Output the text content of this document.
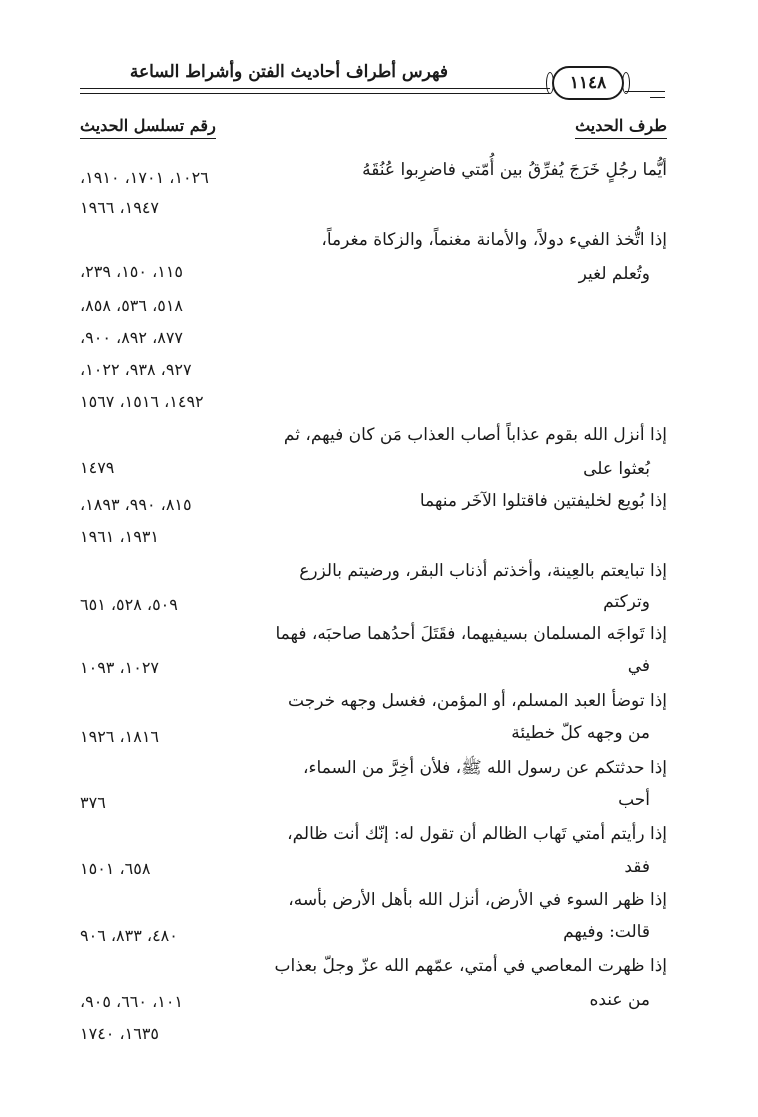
فهرس أطراف أحاديث الفتن وأشراط الساعة
١١٤٨
طرف الحديث
رقم تسلسل الحديث
أيُّما رجُلٍ خَرَجَ يُفرِّقُ بين أُمّتي فاضرِبوا عُنُقَهُ
١٠٢٦، ١٧٠١، ١٩١٠،
١٩٤٧، ١٩٦٦
إذا اتُّخذ الفيء دولاً، والأمانة مغنماً، والزكاة مغرماً،
وتُعلم لغير
١١٥، ١٥٠، ٢٣٩،
٥١٨، ٥٣٦، ٨٥٨،
٨٧٧، ٨٩٢، ٩٠٠،
٩٢٧، ٩٣٨، ١٠٢٢،
١٤٩٢، ١٥١٦، ١٥٦٧
إذا أنزل الله بقوم عذاباً أصاب العذاب مَن كان فيهم، ثم
بُعثوا على
١٤٧٩
إذا بُويع لخليفتين فاقتلوا الآخَر منهما
٨١٥، ٩٩٠، ١٨٩٣،
١٩٣١، ١٩٦١
إذا تبايعتم بالعِينة، وأخذتم أذناب البقر، ورضيتم بالزرع
وتركتم
٥٠٩، ٥٢٨، ٦٥١
إذا تَواجَه المسلمان بسيفيهما، فقَتَلَ أحدُهما صاحبَه، فهما
في
١٠٢٧، ١٠٩٣
إذا توضأ العبد المسلم، أو المؤمن، فغسل وجهه خرجت
من وجهه كلّ خطيئة
١٨١٦، ١٩٢٦
إذا حدثتكم عن رسول الله ﷺ، فلأن أخِرَّ من السماء،
أحب
٣٧٦
إذا رأيتم أمتي تَهاب الظالم أن تقول له: إنّك أنت ظالم،
فقد
٦٥٨، ١٥٠١
إذا ظهر السوء في الأرض، أنزل الله بأهل الأرض بأسه،
قالت: وفيهم
٤٨٠، ٨٣٣، ٩٠٦
إذا ظهرت المعاصي في أمتي، عمّهم الله عزّ وجلّ بعذاب
من عنده
١٠١، ٦٦٠، ٩٠٥،
١٦٣٥، ١٧٤٠
